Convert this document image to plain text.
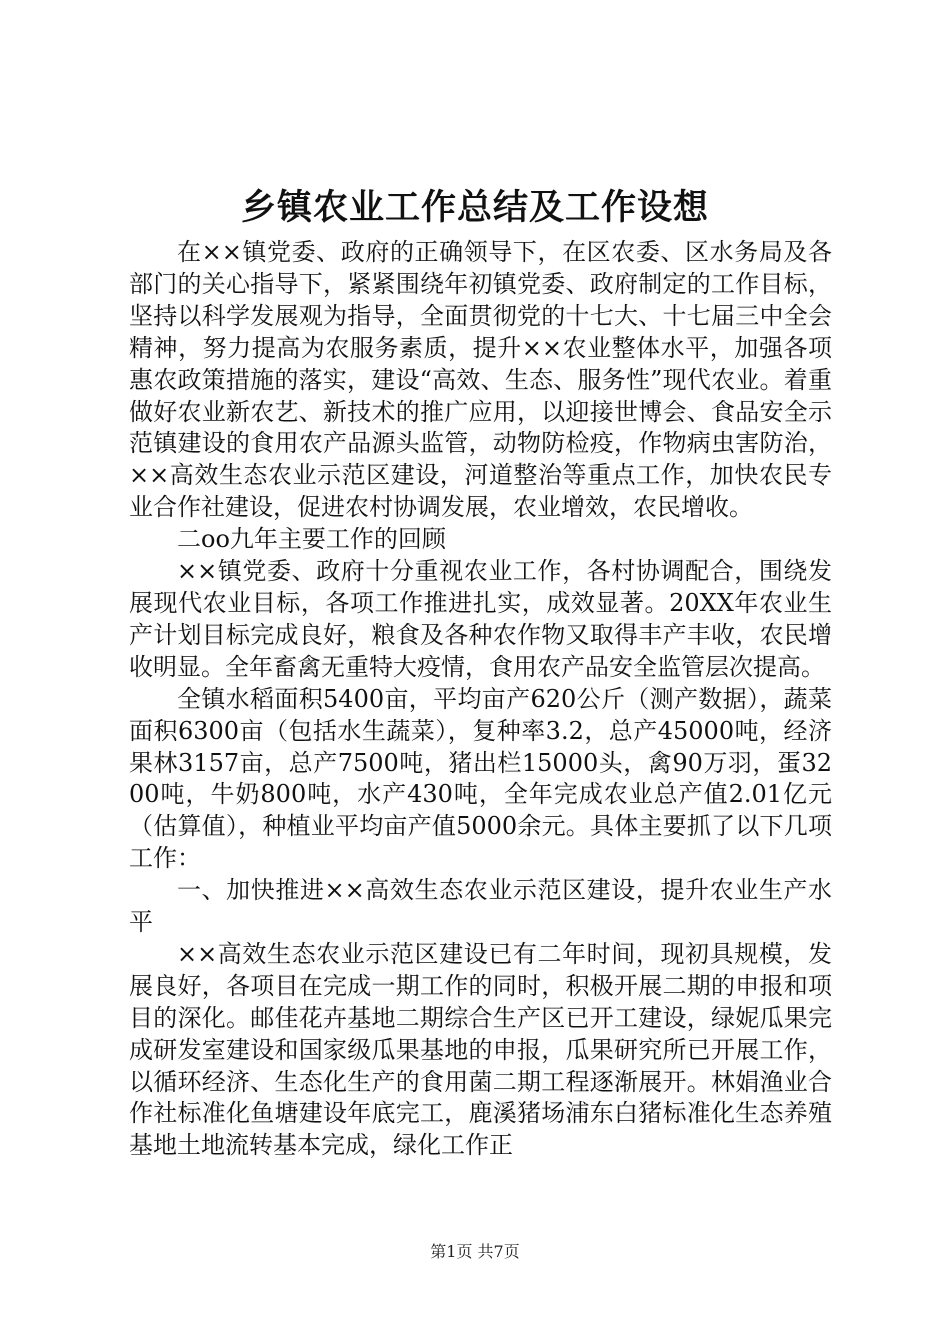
乡镇农业工作总结及工作设想

在××镇党委、政府的正确领导下，在区农委、区水务局及各部门的关心指导下，紧紧围绕年初镇党委、政府制定的工作目标，坚持以科学发展观为指导，全面贯彻党的十七大、十七届三中全会精神，努力提高为农服务素质，提升××农业整体水平，加强各项惠农政策措施的落实，建设“高效、生态、服务性”现代农业。着重做好农业新农艺、新技术的推广应用，以迎接世博会、食品安全示范镇建设的食用农产品源头监管，动物防检疫，作物病虫害防治，××高效生态农业示范区建设，河道整治等重点工作，加快农民专业合作社建设，促进农村协调发展，农业增效，农民增收。

二oo九年主要工作的回顾

××镇党委、政府十分重视农业工作，各村协调配合，围绕发展现代农业目标，各项工作推进扎实，成效显著。20XX年农业生产计划目标完成良好，粮食及各种农作物又取得丰产丰收，农民增收明显。全年畜禽无重特大疫情，食用农产品安全监管层次提高。

全镇水稻面积5400亩，平均亩产620公斤（测产数据），蔬菜面积6300亩（包括水生蔬菜），复种率3.2，总产45000吨，经济果林3157亩，总产7500吨，猪出栏15000头，禽90万羽，蛋3200吨，牛奶800吨，水产430吨，全年完成农业总产值2.01亿元（估算值），种植业平均亩产值5000余元。具体主要抓了以下几项工作：

一、加快推进××高效生态农业示范区建设，提升农业生产水平

××高效生态农业示范区建设已有二年时间，现初具规模，发展良好，各项目在完成一期工作的同时，积极开展二期的申报和项目的深化。邮佳花卉基地二期综合生产区已开工建设，绿妮瓜果完成研发室建设和国家级瓜果基地的申报，瓜果研究所已开展工作，以循环经济、生态化生产的食用菌二期工程逐渐展开。林娟渔业合作社标准化鱼塘建设年底完工，鹿溪猪场浦东白猪标准化生态养殖基地土地流转基本完成，绿化工作正

第1页 共7页
